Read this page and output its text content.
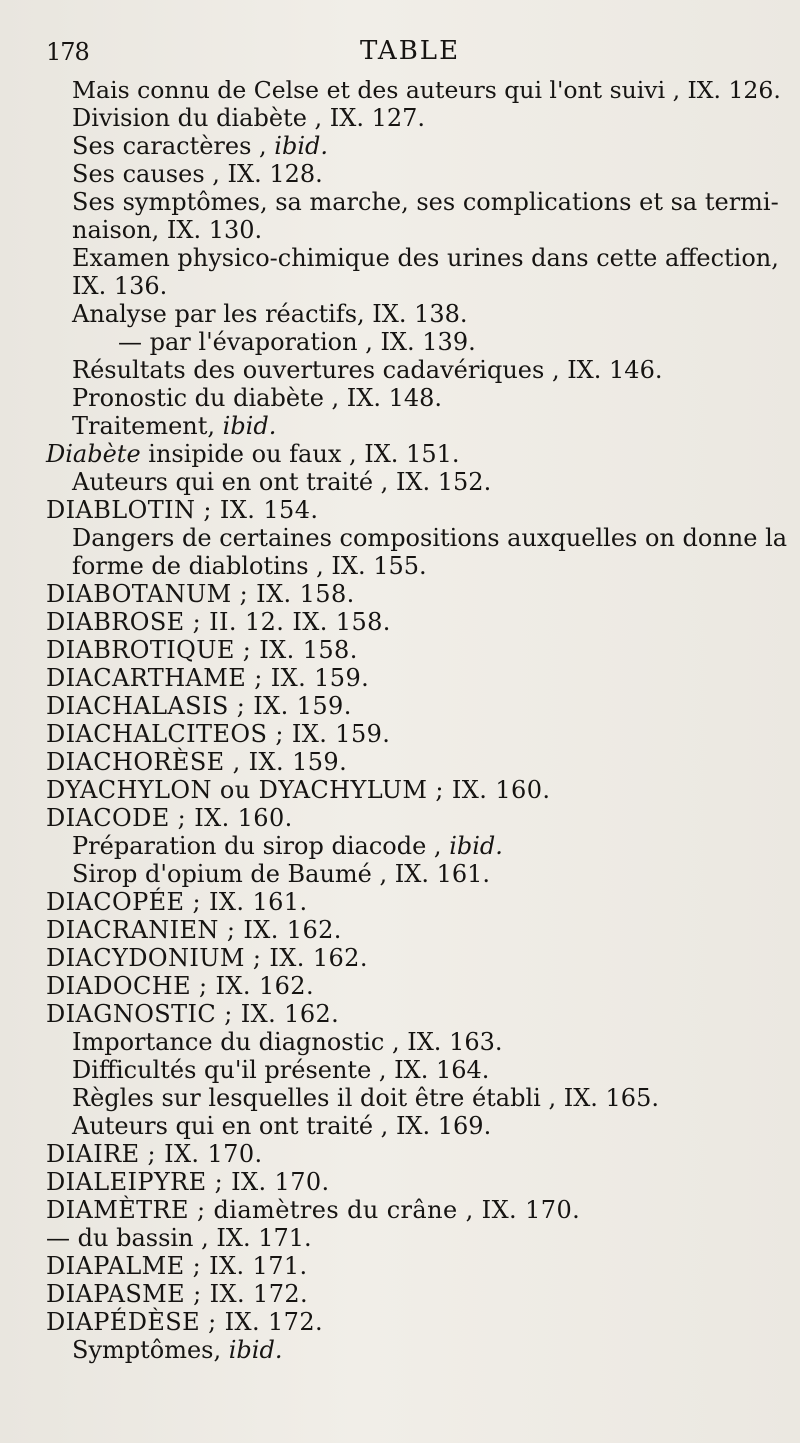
178	TABLE
Mais connu de Celse et des auteurs qui l'ont suivi , IX. 126.
Division du diabète , IX. 127.
Ses caractères , ibid.
Ses causes , IX. 128.
Ses symptômes, sa marche, ses complications et sa termi-
naison, IX. 130.
Examen physico-chimique des urines dans cette affection,
IX. 136.
Analyse par les réactifs, IX. 138.
— par l'évaporation , IX. 139.
Résultats des ouvertures cadavériques , IX. 146.
Pronostic du diabète , IX. 148.
Traitement, ibid.
Diabète insipide ou faux , IX. 151.
Auteurs qui en ont traité , IX. 152.
DIABLOTIN ; IX. 154.
Dangers de certaines compositions auxquelles on donne la
forme de diablotins , IX. 155.
DIABOTANUM ; IX. 158.
DIABROSE ; II. 12. IX. 158.
DIABROTIQUE ; IX. 158.
DIACARTHAME ; IX. 159.
DIACHALASIS ; IX. 159.
DIACHALCITEOS ; IX. 159.
DIACHORÈSE , IX. 159.
DYACHYLON ou DYACHYLUM ; IX. 160.
DIACODE ; IX. 160.
Préparation du sirop diacode , ibid.
Sirop d'opium de Baumé , IX. 161.
DIACOPÉE ; IX. 161.
DIACRANIEN ; IX. 162.
DIACYDONIUM ; IX. 162.
DIADOCHE ; IX. 162.
DIAGNOSTIC ; IX. 162.
Importance du diagnostic , IX. 163.
Difficultés qu'il présente , IX. 164.
Règles sur lesquelles il doit être établi , IX. 165.
Auteurs qui en ont traité , IX. 169.
DIAIRE ; IX. 170.
DIALEIPYRE ; IX. 170.
DIAMÈTRE ; diamètres du crâne , IX. 170.
— du bassin , IX. 171.
DIAPALME ; IX. 171.
DIAPASME ; IX. 172.
DIAPÉDÈSE ; IX. 172.
Symptômes, ibid.
